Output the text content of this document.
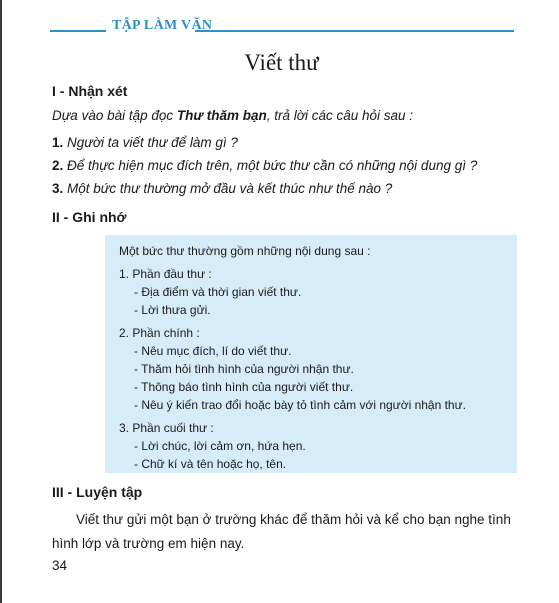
TẬP LÀM VĂN
Viết thư
I - Nhận xét
Dựa vào bài tập đọc Thư thăm bạn, trả lời các câu hỏi sau :
1. Người ta viết thư để làm gì ?
2. Để thực hiện mục đích trên, một bức thư cần có những nội dung gì ?
3. Một bức thư thường mở đầu và kết thúc như thế nào ?
II - Ghi nhớ
Một bức thư thường gồm những nội dung sau :
1. Phần đầu thư :
- Địa điểm và thời gian viết thư.
- Lời thưa gửi.
2. Phần chính :
- Nêu mục đích, lí do viết thư.
- Thăm hỏi tình hình của người nhận thư.
- Thông báo tình hình của người viết thư.
- Nêu ý kiến trao đổi hoặc bày tỏ tình cảm với người nhận thư.
3. Phần cuối thư :
- Lời chúc, lời cảm ơn, hứa hẹn.
- Chữ kí và tên hoặc họ, tên.
III - Luyện tập
Viết thư gửi một bạn ở trường khác để thăm hỏi và kể cho bạn nghe tình hình lớp và trường em hiện nay.
34
